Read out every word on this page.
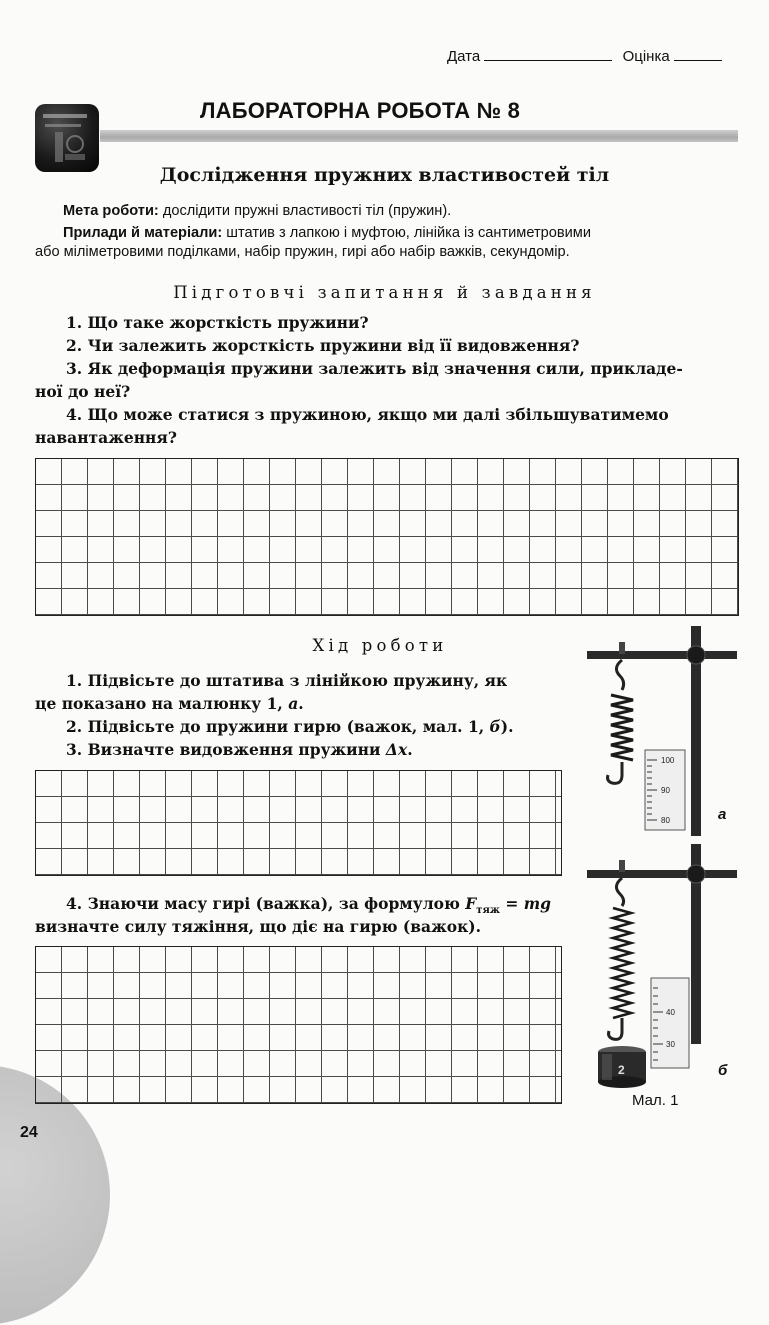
Дата	Оцінка
ЛАБОРАТОРНА РОБОТА № 8
Дослідження пружних властивостей тіл
Мета роботи: дослідити пружні властивості тіл (пружин).
Прилади й матеріали: штатив з лапкою і муфтою, лінійка із сантиметровими
або міліметровими поділками, набір пружин, гирі або набір важків, секундомір.
Підготовчі запитання й завдання
1. Що таке жорсткість пружини?
2. Чи залежить жорсткість пружини від її видовження?
3. Як деформація пружини залежить від значення сили, прикладе-
ної до неї?
4. Що може статися з пружиною, якщо ми далі збільшуватимемо
навантаження?
Хід роботи
1. Підвісьте до штатива з лінійкою пружину, як
це показано на малюнку 1, а.
2. Підвісьте до пружини гирю (важок, мал. 1, б).
3. Визначте видовження пружини Δx.
4. Знаючи масу гирі (важка), за формулою $F_{тяж}$ = mg
визначте силу тяжіння, що діє на гирю (важок).
100
90
80	а
2
40
30
б
Мал. 1
24
